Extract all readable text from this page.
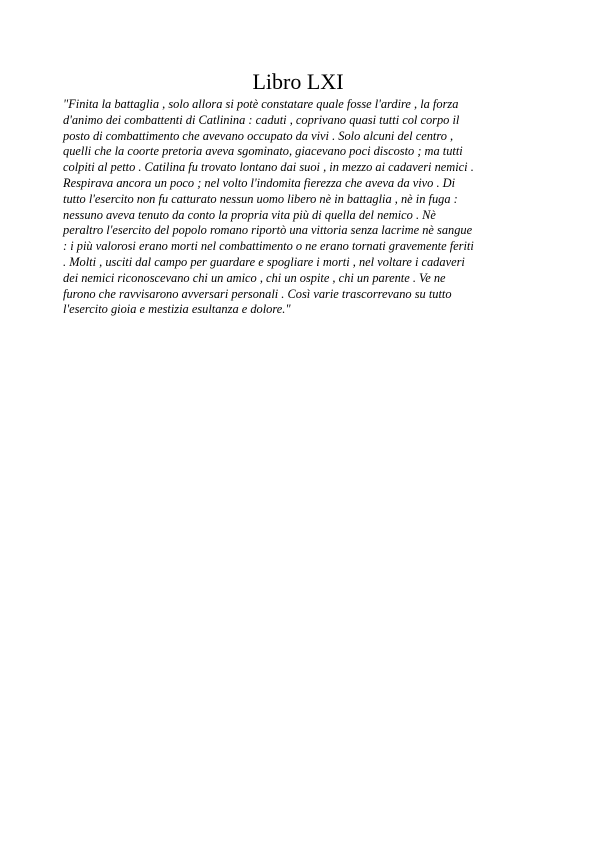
Libro LXI
"Finita la battaglia , solo allora si potè constatare quale fosse l'ardire , la forza
d'animo dei combattenti di Catlinina : caduti , coprivano quasi tutti col corpo il
posto di combattimento che avevano occupato da vivi . Solo alcuni del centro ,
quelli che la coorte pretoria aveva sgominato, giacevano poci discosto ; ma tutti
colpiti al petto . Catilina fu trovato lontano dai suoi , in mezzo ai cadaveri nemici .
Respirava ancora un poco ; nel volto l'indomita fierezza che aveva da vivo . Di
tutto l'esercito non fu catturato nessun uomo libero nè in battaglia , nè in fuga :
nessuno aveva tenuto da conto la propria vita più di quella del nemico . Nè
peraltro l'esercito del popolo romano riportò una vittoria senza lacrime nè sangue
: i più valorosi erano morti nel combattimento o ne erano tornati gravemente feriti
. Molti , usciti dal campo per guardare e spogliare i morti , nel voltare i cadaveri
dei nemici riconoscevano chi un amico , chi un ospite , chi un parente . Ve ne
furono che ravvisarono avversari personali . Così varie trascorrevano su tutto
l'esercito gioia e mestizia esultanza e dolore."
